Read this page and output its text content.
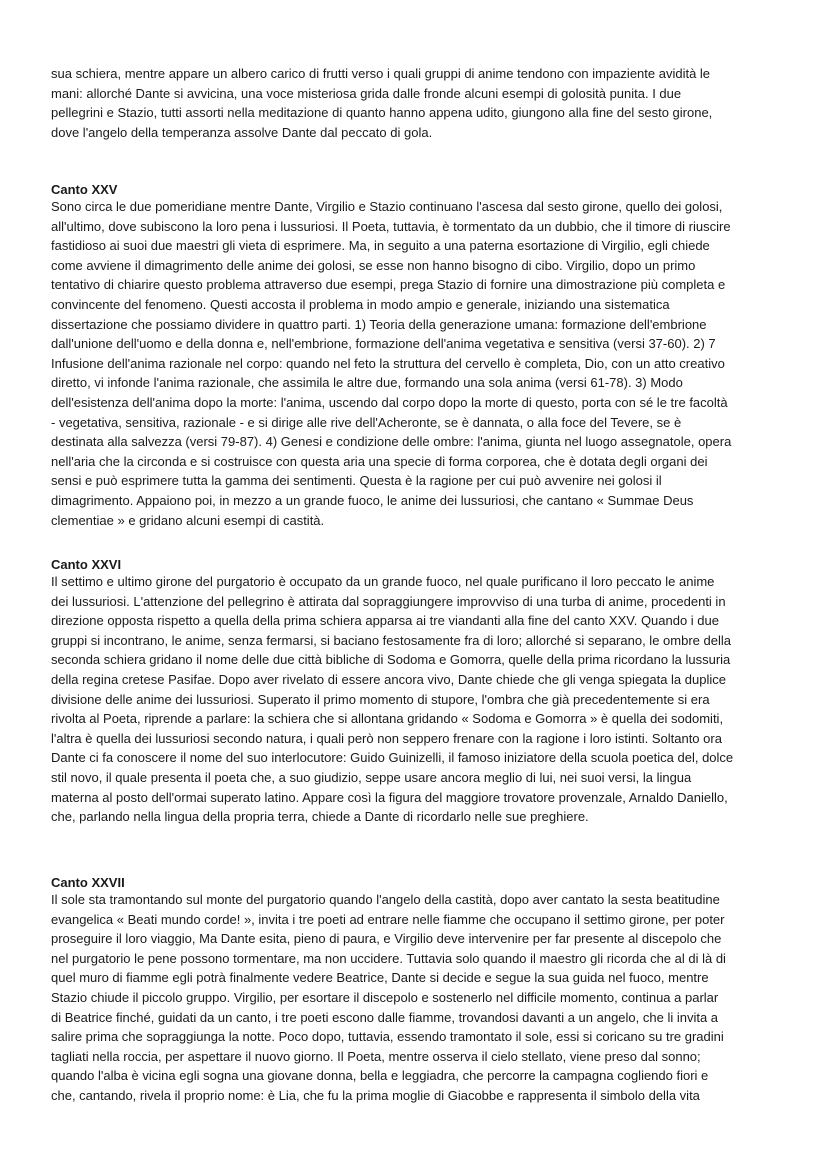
sua schiera, mentre appare un albero carico di frutti verso i quali gruppi di anime tendono con impaziente avidità le
mani: allorché Dante si avvicina, una voce misteriosa grida dalle fronde alcuni esempi di golosità punita. I due
pellegrini e Stazio, tutti assorti nella meditazione di quanto hanno appena udito, giungono alla fine del sesto girone,
dove l'angelo della temperanza assolve Dante dal peccato di gola.

Canto XXV

Sono circa le due pomeridiane mentre Dante, Virgilio e Stazio continuano l'ascesa dal sesto girone, quello dei golosi,
all'ultimo, dove subiscono la loro pena i lussuriosi. Il Poeta, tuttavia, è tormentato da un dubbio, che il timore di riuscire
fastidioso ai suoi due maestri gli vieta di esprimere. Ma, in seguito a una paterna esortazione di Virgilio, egli chiede
come avviene il dimagrimento delle anime dei golosi, se esse non hanno bisogno di cibo. Virgilio, dopo un primo
tentativo di chiarire questo problema attraverso due esempi, prega Stazio di fornire una dimostrazione più completa e
convincente del fenomeno. Questi accosta il problema in modo ampio e generale, iniziando una sistematica
dissertazione che possiamo dividere in quattro parti. 1) Teoria della generazione umana: formazione dell'embrione
dall'unione dell'uomo e della donna e, nell'embrione, formazione dell'anima vegetativa e sensitiva (versi 37-60). 2) 7
Infusione dell'anima razionale nel corpo: quando nel feto la struttura del cervello è completa, Dio, con un atto creativo
diretto, vi infonde l'anima razionale, che assimila le altre due, formando una sola anima (versi 61-78). 3) Modo
dell'esistenza dell'anima dopo la morte: l'anima, uscendo dal corpo dopo la morte di questo, porta con sé le tre facoltà
- vegetativa, sensitiva, razionale - e si dirige alle rive dell'Acheronte, se è dannata, o alla foce del Tevere, se è
destinata alla salvezza (versi 79-87). 4) Genesi e condizione delle ombre: l'anima, giunta nel luogo assegnatole, opera
nell'aria che la circonda e si costruisce con questa aria una specie di forma corporea, che è dotata degli organi dei
sensi e può esprimere tutta la gamma dei sentimenti. Questa è la ragione per cui può avvenire nei golosi il
dimagrimento. Appaiono poi, in mezzo a un grande fuoco, le anime dei lussuriosi, che cantano « Summae Deus
clementiae » e gridano alcuni esempi di castità.

Canto XXVI

Il settimo e ultimo girone del purgatorio è occupato da un grande fuoco, nel quale purificano il loro peccato le anime
dei lussuriosi. L'attenzione del pellegrino è attirata dal sopraggiungere improvviso di una turba di anime, procedenti in
direzione opposta rispetto a quella della prima schiera apparsa ai tre viandanti alla fine del canto XXV. Quando i due
gruppi si incontrano, le anime, senza fermarsi, si baciano festosamente fra di loro; allorché si separano, le ombre della
seconda schiera gridano il nome delle due città bibliche di Sodoma e Gomorra, quelle della prima ricordano la lussuria
della regina cretese Pasifae. Dopo aver rivelato di essere ancora vivo, Dante chiede che gli venga spiegata la duplice
divisione delle anime dei lussuriosi. Superato il primo momento di stupore, l'ombra che già precedentemente si era
rivolta al Poeta, riprende a parlare: la schiera che si allontana gridando « Sodoma e Gomorra » è quella dei sodomiti,
l'altra è quella dei lussuriosi secondo natura, i quali però non seppero frenare con la ragione i loro istinti. Soltanto ora
Dante ci fa conoscere il nome del suo interlocutore: Guido Guinizelli, il famoso iniziatore della scuola poetica del, dolce
stil novo, il quale presenta il poeta che, a suo giudizio, seppe usare ancora meglio di lui, nei suoi versi, la lingua
materna al posto dell'ormai superato latino. Appare così la figura del maggiore trovatore provenzale, Arnaldo Daniello,
che, parlando nella lingua della propria terra, chiede a Dante di ricordarlo nelle sue preghiere.

Canto XXVII

Il sole sta tramontando sul monte del purgatorio quando l'angelo della castità, dopo aver cantato la sesta beatitudine
evangelica « Beati mundo corde! », invita i tre poeti ad entrare nelle fiamme che occupano il settimo girone, per poter
proseguire il loro viaggio, Ma Dante esita, pieno di paura, e Virgilio deve intervenire per far presente al discepolo che
nel purgatorio le pene possono tormentare, ma non uccidere. Tuttavia solo quando il maestro gli ricorda che al di là di
quel muro di fiamme egli potrà finalmente vedere Beatrice, Dante si decide e segue la sua guida nel fuoco, mentre
Stazio chiude il piccolo gruppo. Virgilio, per esortare il discepolo e sostenerlo nel difficile momento, continua a parlar
di Beatrice finché, guidati da un canto, i tre poeti escono dalle fiamme, trovandosi davanti a un angelo, che li invita a
salire prima che sopraggiunga la notte. Poco dopo, tuttavia, essendo tramontato il sole, essi si coricano su tre gradini
tagliati nella roccia, per aspettare il nuovo giorno. Il Poeta, mentre osserva il cielo stellato, viene preso dal sonno;
quando l'alba è vicina egli sogna una giovane donna, bella e leggiadra, che percorre la campagna cogliendo fiori e
che, cantando, rivela il proprio nome: è Lia, che fu la prima moglie di Giacobbe e rappresenta il simbolo della vita
